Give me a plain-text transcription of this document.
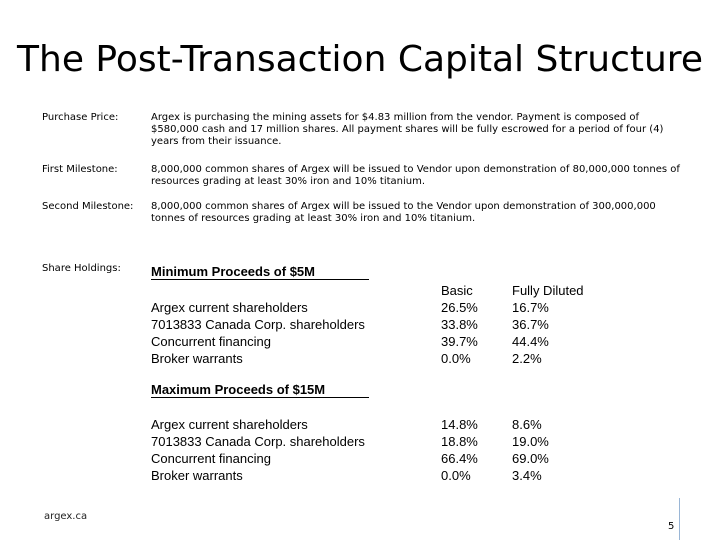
The Post-Transaction Capital Structure
Purchase Price:	Argex is purchasing the mining assets for $4.83 million from the vendor. Payment is composed of
$580,000 cash and 17 million shares. All payment shares will be fully escrowed for a period of four (4)
years from their issuance.
First Milestone:	8,000,000 common shares of Argex will be issued to Vendor upon demonstration of 80,000,000 tonnes of
resources grading at least 30% iron and 10% titanium.
Second Milestone: 8,000,000 common shares of Argex will be issued to the Vendor upon demonstration of 300,000,000
tonnes of resources grading at least 30% iron and 10% titanium.
Share Holdings: Minimum Proceeds of $5M
Basic
26.5%
33.8%
39.7%
0.0%
Fully Diluted
16.7%
36.7%
44.4%
2.2%
Argex current shareholders
7013833 Canada Corp. shareholders
Concurrent financing
Broker warrants
Maximum Proceeds of $15M
Argex current shareholders
7013833 Canada Corp. shareholders
Concurrent financing
Broker warrants
14.8%
18.8%
66.4%
0.0%
8.6%
19.0%
69.0%
3.4%
argex.ca
5
